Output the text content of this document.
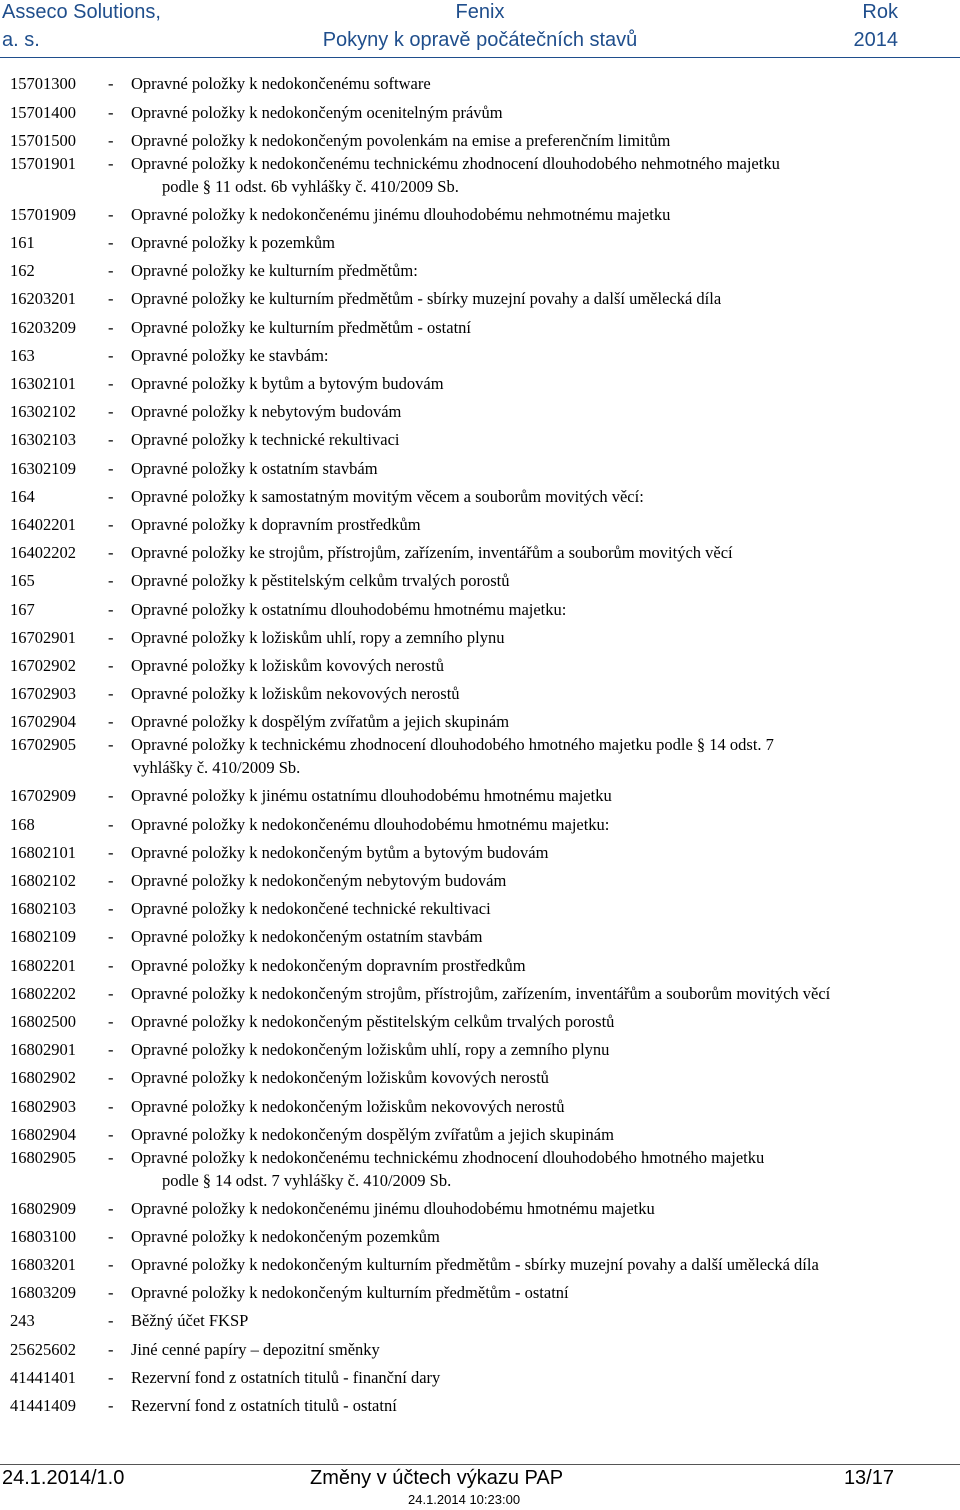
Asseco Solutions,
a. s.
Fenix
Pokyny k opravě počátečních stavů
Rok
2014
15701300 - Opravné položky k nedokončenému software
15701400 - Opravné položky k nedokončeným ocenitelným právům
15701500 - Opravné položky k nedokončeným povolenkám na emise a preferenčním limitům
15701901 - Opravné položky k nedokončenému technickému zhodnocení dlouhodobého nehmotného majetku
podle § 11 odst. 6b vyhlášky č. 410/2009 Sb.
15701909 - Opravné položky k nedokončenému jinému dlouhodobému nehmotnému majetku
161	- Opravné položky k pozemkům
162	- Opravné položky ke kulturním předmětům:
16203201 - Opravné položky ke kulturním předmětům - sbírky muzejní povahy a další umělecká díla
16203209 - Opravné položky ke kulturním předmětům - ostatní
163	- Opravné položky ke stavbám:
16302101 - Opravné položky k bytům a bytovým budovám
16302102 - Opravné položky k nebytovým budovám
16302103 - Opravné položky k technické rekultivaci
16302109 - Opravné položky k ostatním stavbám
164	- Opravné položky k samostatným movitým věcem a souborům movitých věcí:
16402201 - Opravné položky k dopravním prostředkům
16402202 - Opravné položky ke strojům, přístrojům, zařízením, inventářům a souborům movitých věcí
165	- Opravné položky k pěstitelským celkům trvalých porostů
167	- Opravné položky k ostatnímu dlouhodobému hmotnému majetku:
16702901 - Opravné položky k ložiskům uhlí, ropy a zemního plynu
16702902 - Opravné položky k ložiskům kovových nerostů
16702903 - Opravné položky k ložiskům nekovových nerostů
16702904 - Opravné položky k dospělým zvířatům a jejich skupinám
16702905 - Opravné položky k technickému zhodnocení dlouhodobého hmotného majetku podle § 14 odst. 7
vyhlášky č. 410/2009 Sb.
16702909 - Opravné položky k jinému ostatnímu dlouhodobému hmotnému majetku
168	- Opravné položky k nedokončenému dlouhodobému hmotnému majetku:
16802101 - Opravné položky k nedokončeným bytům a bytovým budovám
16802102 - Opravné položky k nedokončeným nebytovým budovám
16802103 - Opravné položky k nedokončené technické rekultivaci
16802109 - Opravné položky k nedokončeným ostatním stavbám
16802201 - Opravné položky k nedokončeným dopravním prostředkům
16802202 - Opravné položky k nedokončeným strojům, přístrojům, zařízením, inventářům a souborům movitých věcí
16802500 - Opravné položky k nedokončeným pěstitelským celkům trvalých porostů
16802901 - Opravné položky k nedokončeným ložiskům uhlí, ropy a zemního plynu
16802902 - Opravné položky k nedokončeným ložiskům kovových nerostů
16802903 - Opravné položky k nedokončeným ložiskům nekovových nerostů
16802904 - Opravné položky k nedokončeným dospělým zvířatům a jejich skupinám
16802905 - Opravné položky k nedokončenému technickému zhodnocení dlouhodobého hmotného majetku
podle § 14 odst. 7 vyhlášky č. 410/2009 Sb.
16802909 - Opravné položky k nedokončenému jinému dlouhodobému hmotnému majetku
16803100 - Opravné položky k nedokončeným pozemkům
16803201 - Opravné položky k nedokončeným kulturním předmětům - sbírky muzejní povahy a další umělecká díla
16803209 - Opravné položky k nedokončeným kulturním předmětům - ostatní
243	- Běžný účet FKSP
25625602 - Jiné cenné papíry – depozitní směnky
41441401 - Rezervní fond z ostatních titulů - finanční dary
41441409 - Rezervní fond z ostatních titulů - ostatní
24.1.2014/1.0	Změny v účtech výkazu PAP	13/17
24.1.2014 10:23:00
